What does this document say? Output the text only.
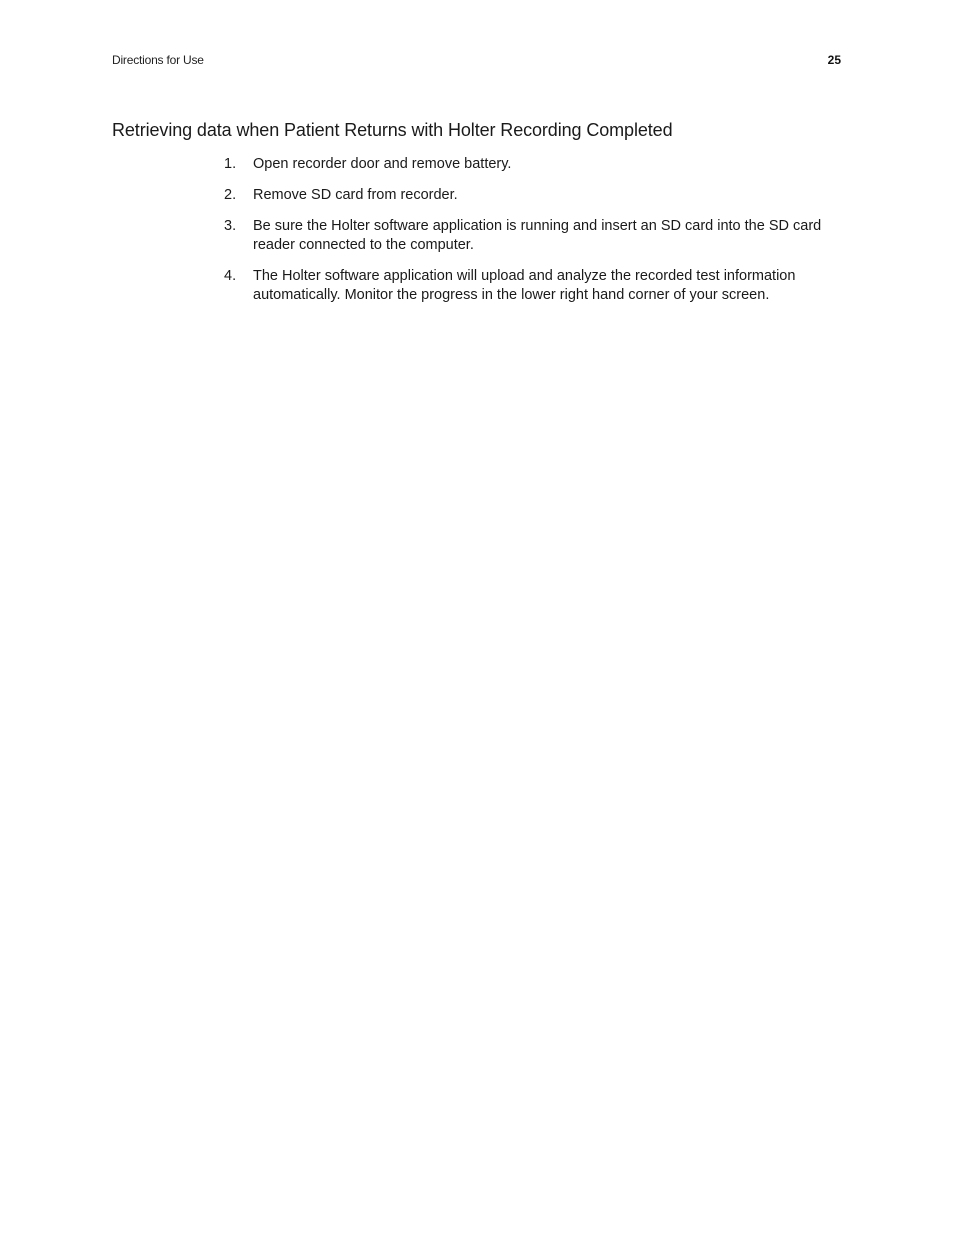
Directions for Use	25
Retrieving data when Patient Returns with Holter Recording Completed
1.	Open recorder door and remove battery.
2.	Remove SD card from recorder.
3.	Be sure the Holter software application is running and insert an SD card into the SD card reader connected to the computer.
4.	The Holter software application will upload and analyze the recorded test information automatically. Monitor the progress in the lower right hand corner of your screen.
